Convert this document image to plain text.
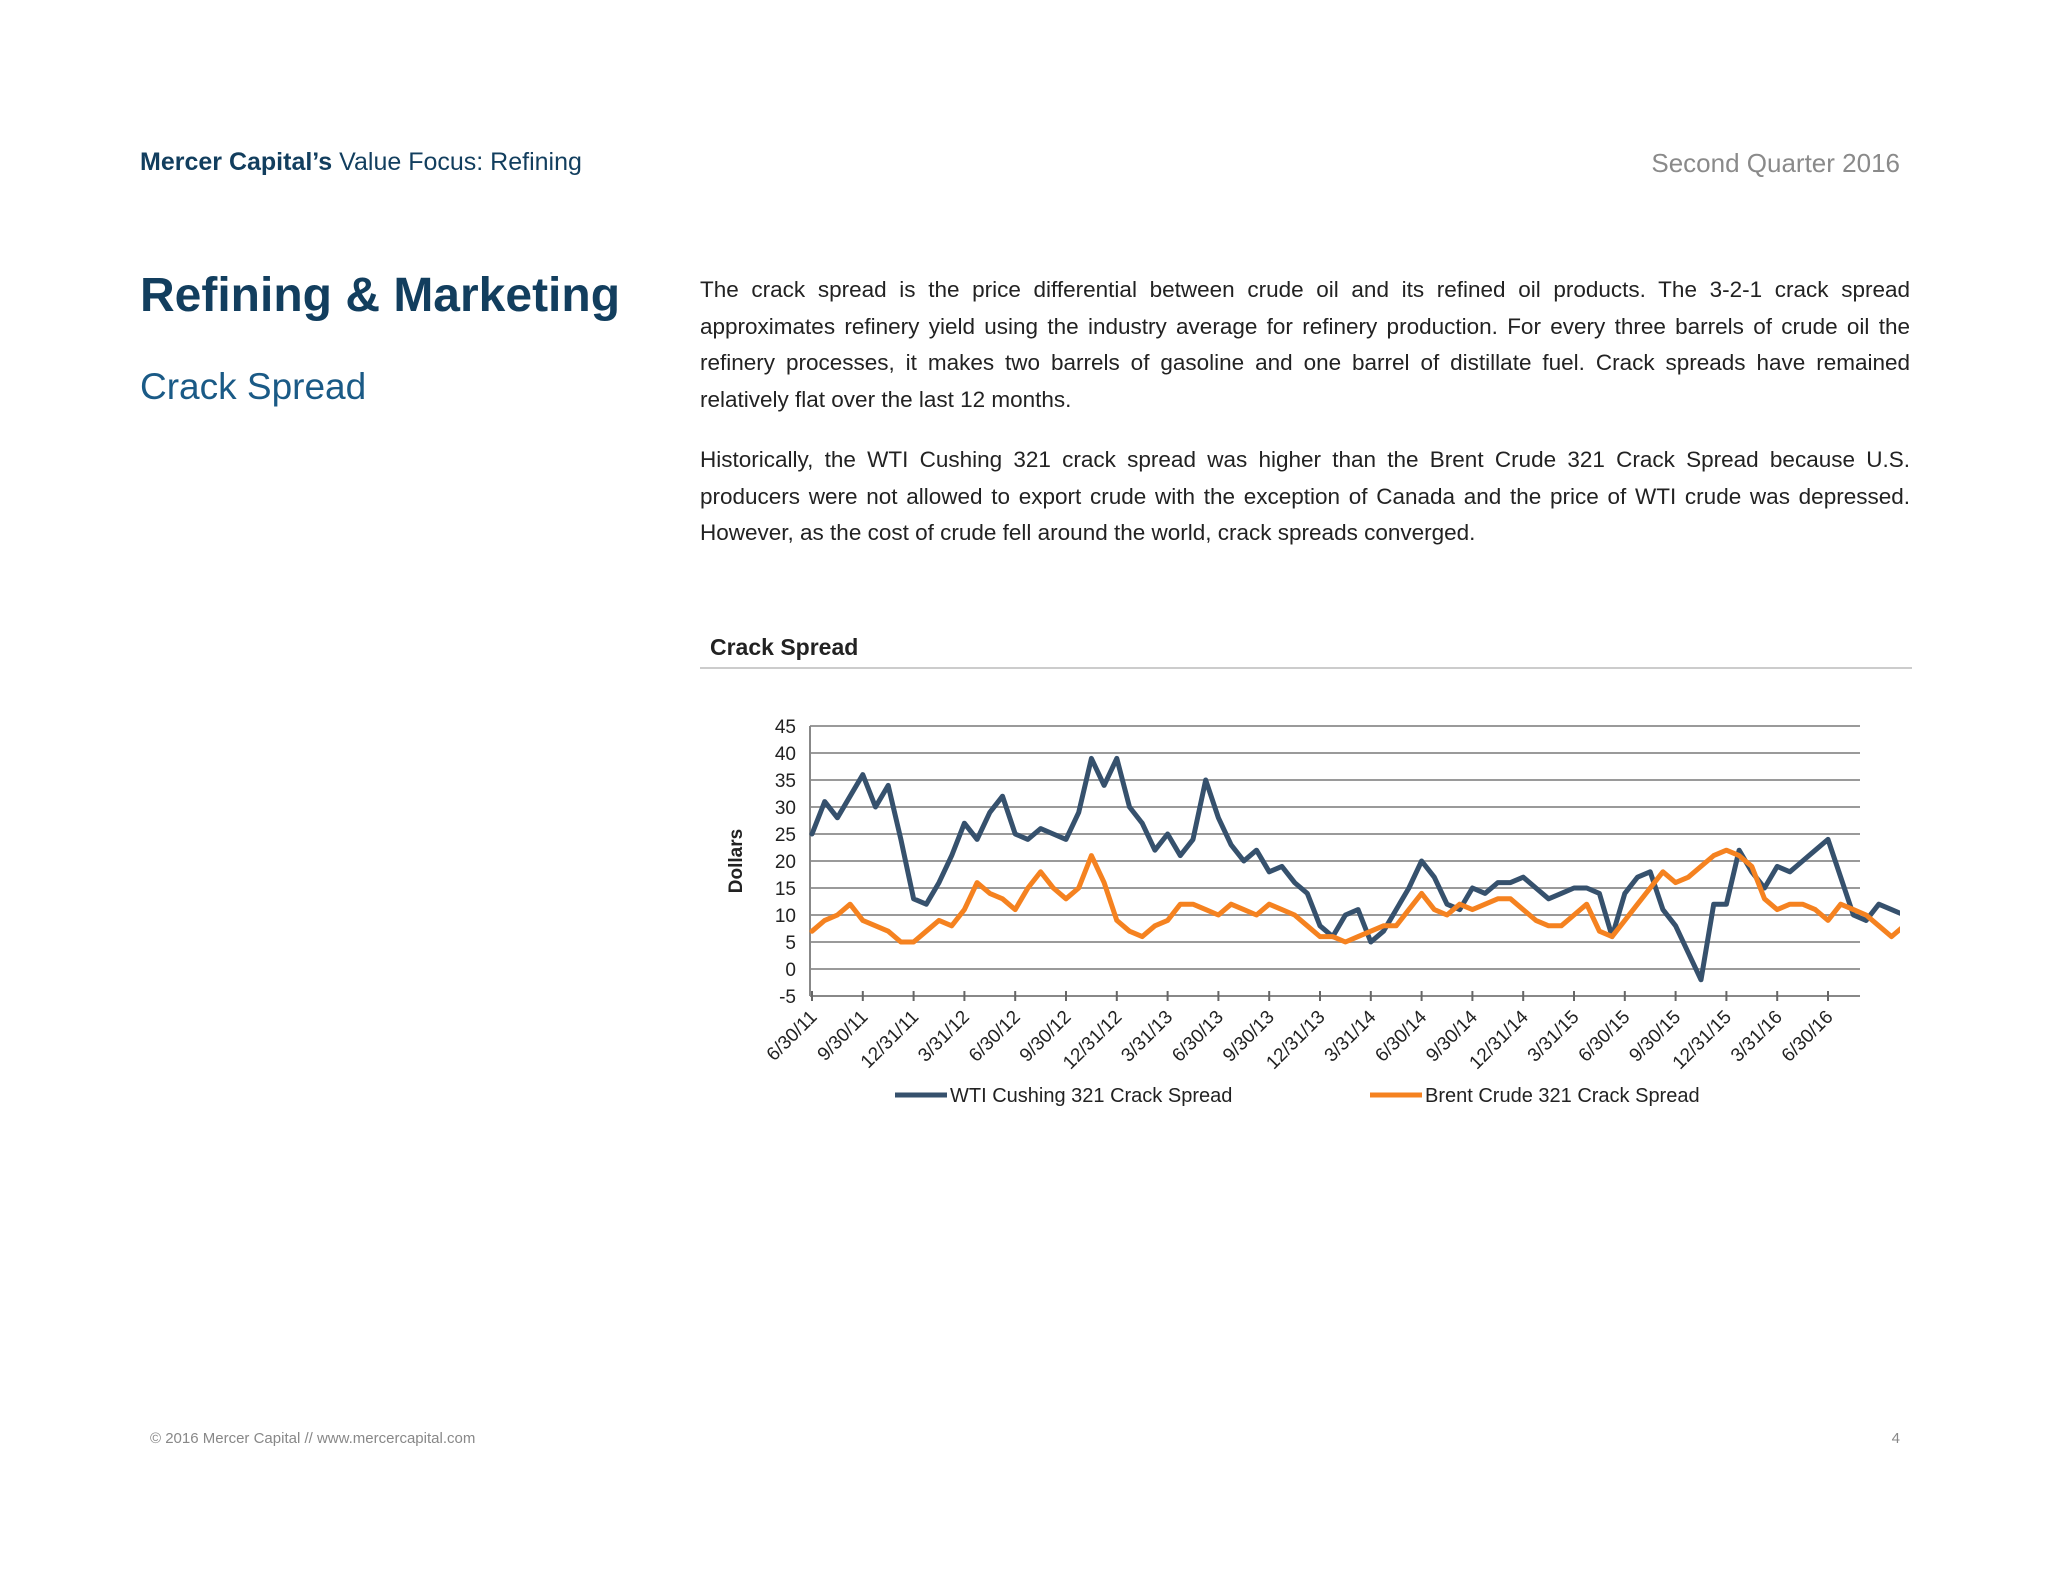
Mercer Capital’s Value Focus: Refining	Second Quarter 2016
Refining & Marketing
Crack Spread

The crack spread is the price differential between crude oil and its refined oil products. The 3-2-1 crack spread approximates refinery yield using the industry average for refinery production. For every three barrels of crude oil the refinery processes, it makes two barrels of gasoline and one barrel of distillate fuel. Crack spreads have remained relatively flat over the last 12 months.

Historically, the WTI Cushing 321 crack spread was higher than the Brent Crude 321 Crack Spread because U.S. producers were not allowed to export crude with the exception of Canada and the price of WTI crude was depressed. However, as the cost of crude fell around the world, crack spreads converged.

Crack Spread
45
40
35
30
25
20
15
10
5
0
-5
Dollars
6/30/11
9/30/11
12/31/11
3/31/12
6/30/12
9/30/12
12/31/12
3/31/13
6/30/13
9/30/13
12/31/13
3/31/14
6/30/14
9/30/14
12/31/14
3/31/15
6/30/15
9/30/15
12/31/15
3/31/16
6/30/16
WTI Cushing 321 Crack Spread	Brent Crude 321 Crack Spread
© 2016 Mercer Capital // www.mercercapital.com	4
